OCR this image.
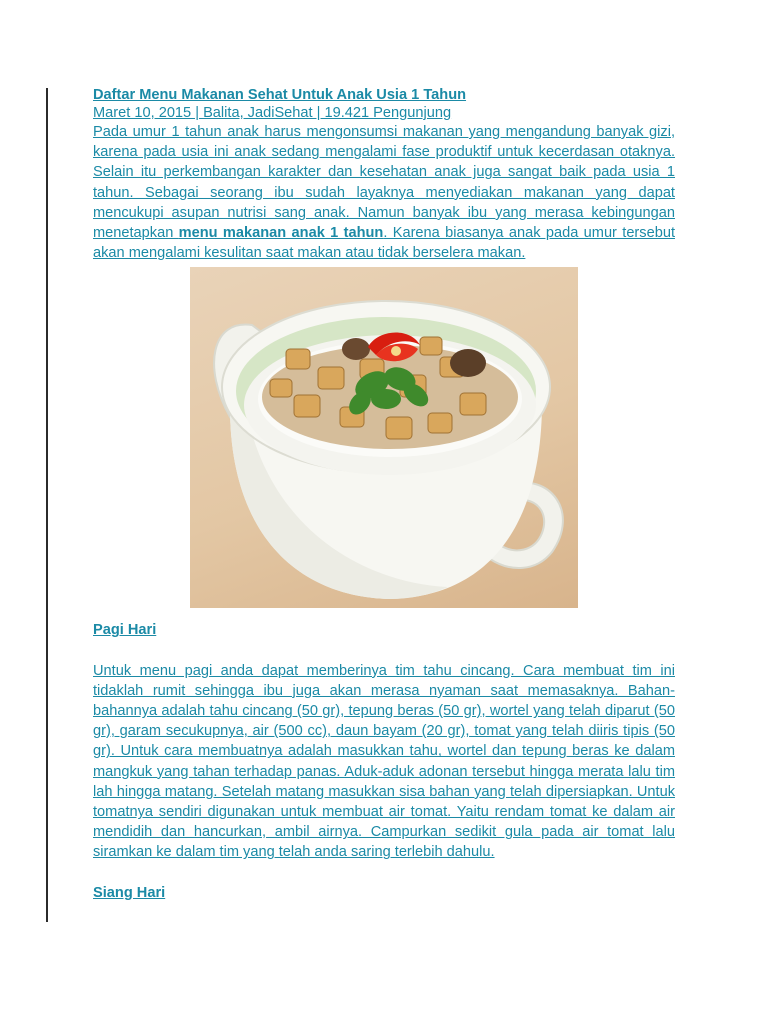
Daftar Menu Makanan Sehat Untuk Anak Usia 1 Tahun

Maret 10, 2015 | Balita, JadiSehat | 19.421 Pengunjung

Pada umur 1 tahun anak harus mengonsumsi makanan yang mengandung banyak gizi, karena pada usia ini anak sedang mengalami fase produktif untuk kecerdasan otaknya. Selain itu perkembangan karakter dan kesehatan anak juga sangat baik pada usia 1 tahun. Sebagai seorang ibu sudah layaknya menyediakan makanan yang dapat mencukupi asupan nutrisi sang anak. Namun banyak ibu yang merasa kebingungan menetapkan menu makanan anak 1 tahun. Karena biasanya anak pada umur tersebut akan mengalami kesulitan saat makan atau tidak berselera makan.

Pagi Hari

Untuk menu pagi anda dapat memberinya tim tahu cincang. Cara membuat tim ini tidaklah rumit sehingga ibu juga akan merasa nyaman saat memasaknya. Bahan-bahannya adalah tahu cincang (50 gr), tepung beras (50 gr), wortel yang telah diparut (50 gr), garam secukupnya, air (500 cc), daun bayam (20 gr), tomat yang telah diiris tipis (50 gr). Untuk cara membuatnya adalah masukkan tahu, wortel dan tepung beras ke dalam mangkuk yang tahan terhadap panas. Aduk-aduk adonan tersebut hingga merata lalu tim lah hingga matang. Setelah matang masukkan sisa bahan yang telah dipersiapkan. Untuk tomatnya sendiri digunakan untuk membuat air tomat. Yaitu rendam tomat ke dalam air mendidih dan hancurkan, ambil airnya. Campurkan sedikit gula pada air tomat lalu siramkan ke dalam tim yang telah anda saring terlebih dahulu.

Siang Hari
